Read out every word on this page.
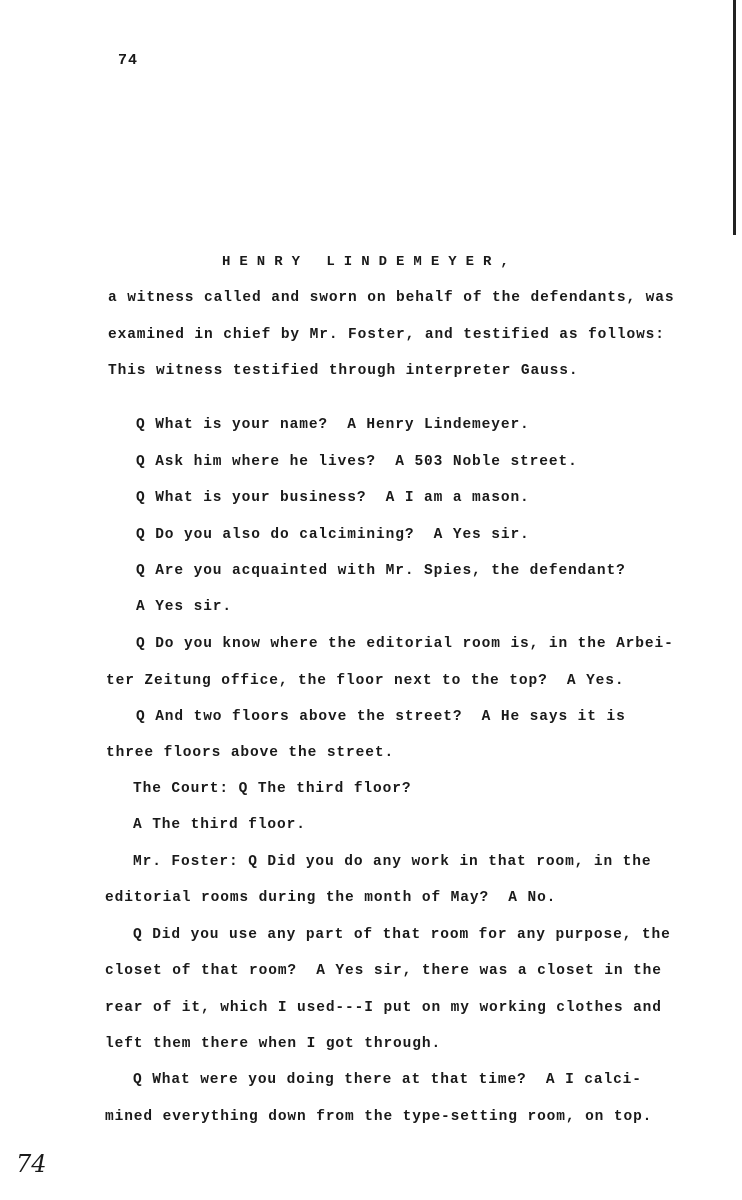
74
HENRY LINDEMEYER,
a witness called and sworn on behalf of the defendants, was
examined in chief by Mr. Foster, and testified as follows:
This witness testified through interpreter Gauss.
Q What is your name?  A Henry Lindemeyer.
Q Ask him where he lives?  A 503 Noble street.
Q What is your business?  A I am a mason.
Q Do you also do calcimining?  A Yes sir.
Q Are you acquainted with Mr. Spies, the defendant?
A Yes sir.
Q Do you know where the editorial room is, in the Arbei-
ter Zeitung office, the floor next to the top?  A Yes.
Q And two floors above the street?  A He says it is
three floors above the street.
The Court: Q The third floor?
A The third floor.
Mr. Foster: Q Did you do any work in that room, in the
editorial rooms during the month of May?  A No.
Q Did you use any part of that room for any purpose, the
closet of that room?  A Yes sir, there was a closet in the
rear of it, which I used---I put on my working clothes and
left them there when I got through.
Q What were you doing there at that time?  A I calci-
mined everything down from the type-setting room, on top.
74
